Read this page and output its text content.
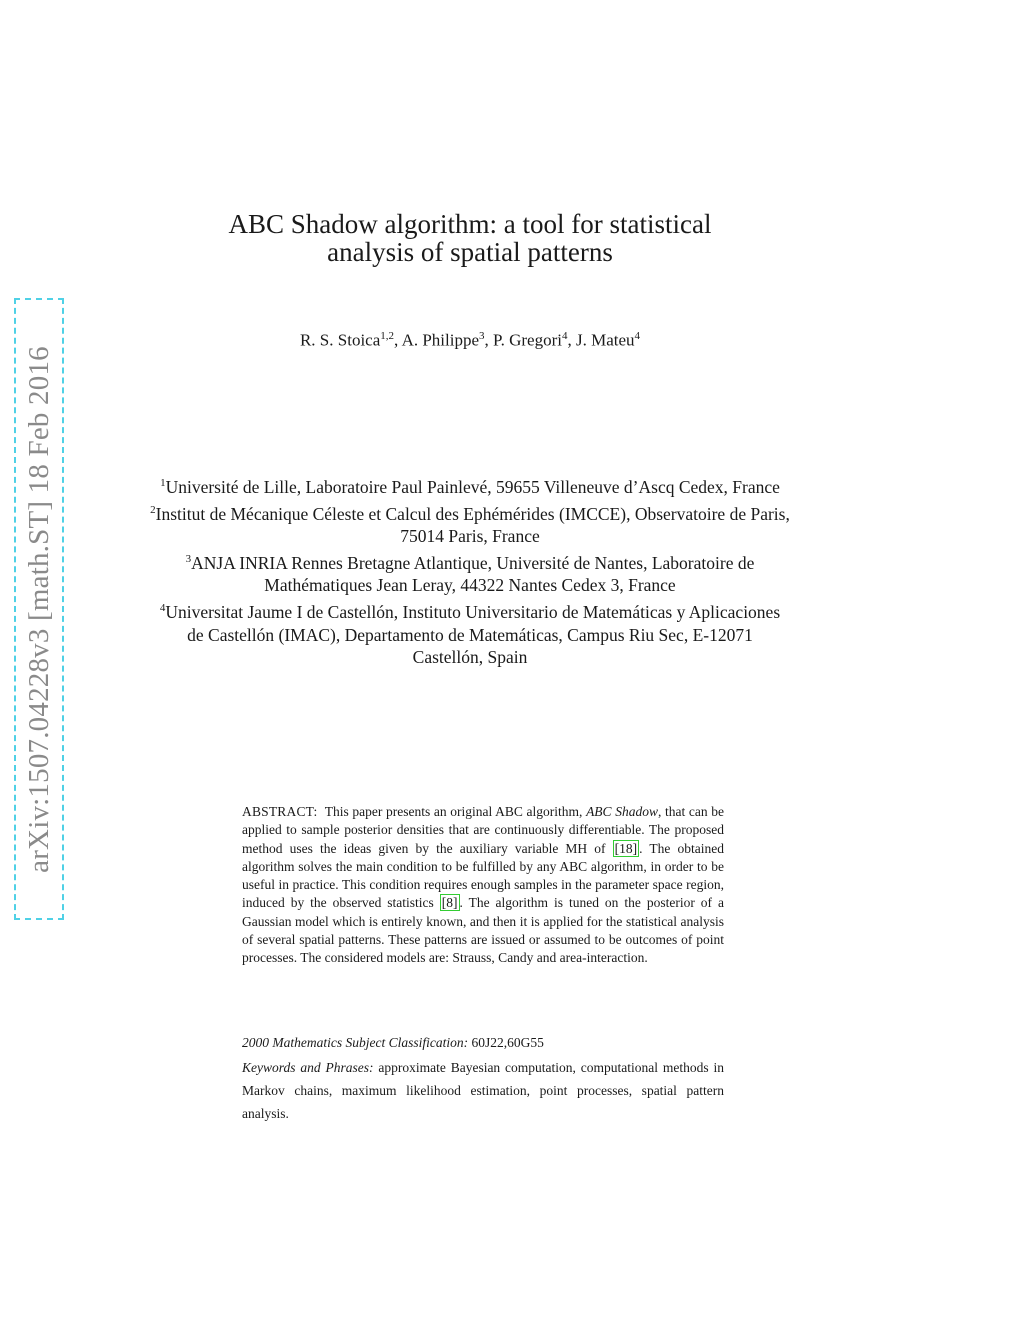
arXiv:1507.04228v3 [math.ST] 18 Feb 2016
ABC Shadow algorithm: a tool for statistical
analysis of spatial patterns
R. S. Stoica$^{1,2}$, A. Philippe$^3$, P. Gregori$^4$, J. Mateu$^4$

$^1$Université de Lille, Laboratoire Paul Painlevé, 59655 Villeneuve d’Ascq Cedex, France

$^2$Institut de Mécanique Céleste et Calcul des Ephémérides (IMCCE), Observatoire de Paris, 75014 Paris, France

$^3$ANJA INRIA Rennes Bretagne Atlantique, Université de Nantes, Laboratoire de Mathématiques Jean Leray, 44322 Nantes Cedex 3, France

$^4$Universitat Jaume I de Castellón, Instituto Universitario de Matemáticas y Aplicaciones de Castellón (IMAC), Departamento de Matemáticas, Campus Riu Sec, E-12071 Castellón, Spain

ABSTRACT: This paper presents an original ABC algorithm, ABC Shadow, that can be applied to sample posterior densities that are continuously differentiable. The proposed method uses the ideas given by the auxiliary variable MH of [18] . The obtained algorithm solves the main condition to be fulfilled by any ABC algorithm, in order to be useful in practice. This condition requires enough samples in the parameter space region, induced by the observed statistics [8] . The algorithm is tuned on the posterior of a Gaussian model which is entirely known, and then it is applied for the statistical analysis of several spatial patterns. These patterns are issued or assumed to be outcomes of point processes. The considered models are: Strauss, Candy and area-interaction.
2000 Mathematics Subject Classification: 60J22,60G55
Keywords and Phrases: approximate Bayesian computation, computational methods in Markov chains, maximum likelihood estimation, point processes, spatial pattern analysis.
